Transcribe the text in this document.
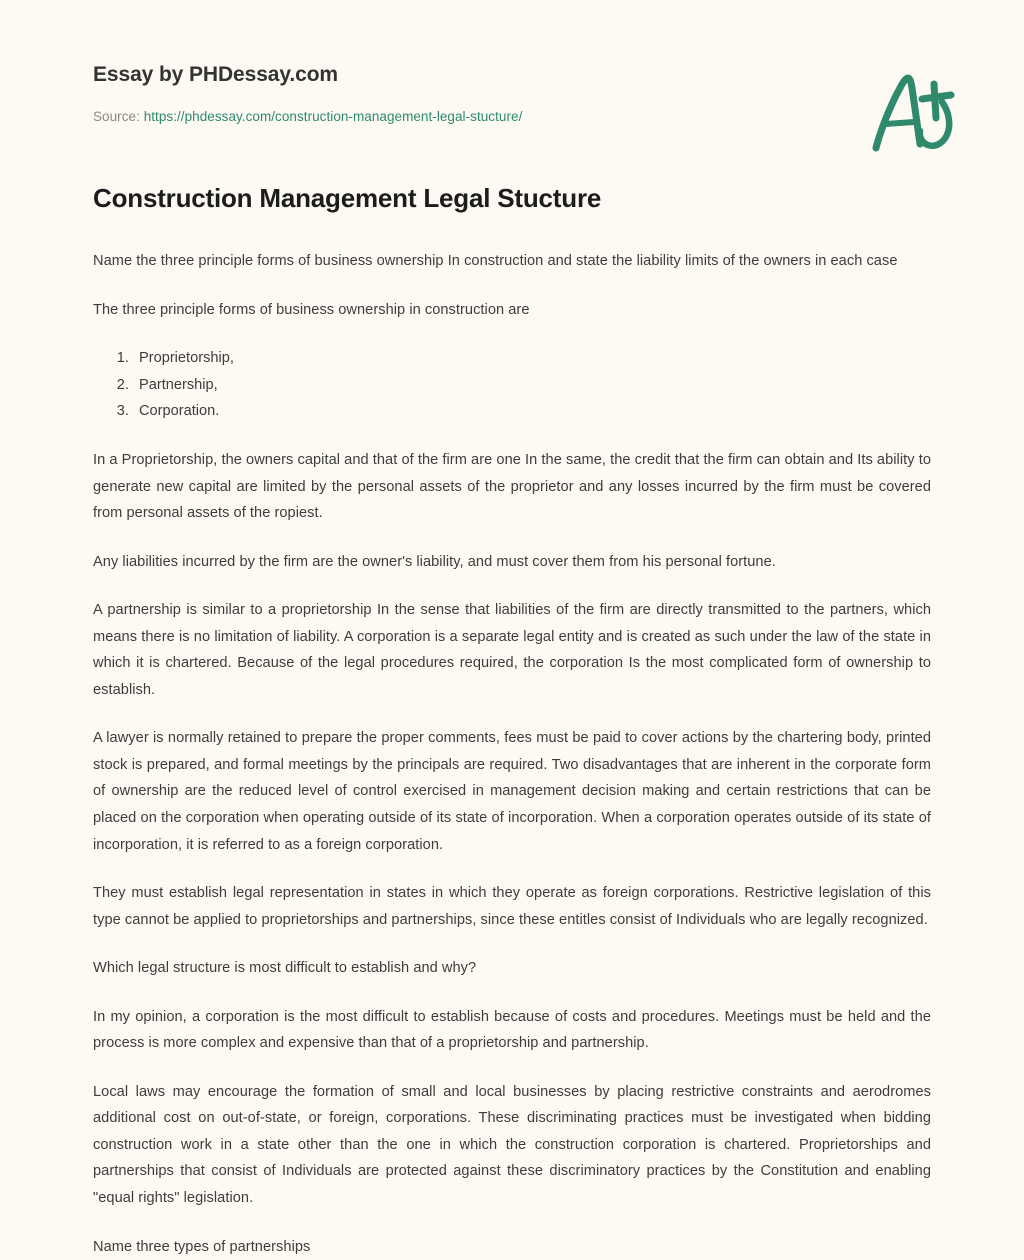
Essay by PHDessay.com
Source: https://phdessay.com/construction-management-legal-stucture/
Construction Management Legal Stucture

Name the three principle forms of business ownership In construction and state the liability limits of the owners in each case

The three principle forms of business ownership in construction are

1. Proprietorship,
2. Partnership,
3. Corporation.

In a Proprietorship, the owners capital and that of the firm are one In the same, the credit that the firm can obtain and Its ability to generate new capital are limited by the personal assets of the proprietor and any losses incurred by the firm must be covered from personal assets of the ropiest.

Any liabilities incurred by the firm are the owner's liability, and must cover them from his personal fortune.

A partnership is similar to a proprietorship In the sense that liabilities of the firm are directly transmitted to the partners, which means there is no limitation of liability. A corporation is a separate legal entity and is created as such under the law of the state in which it is chartered. Because of the legal procedures required, the corporation Is the most complicated form of ownership to establish.

A lawyer is normally retained to prepare the proper comments, fees must be paid to cover actions by the chartering body, printed stock is prepared, and formal meetings by the principals are required. Two disadvantages that are inherent in the corporate form of ownership are the reduced level of control exercised in management decision making and certain restrictions that can be placed on the corporation when operating outside of its state of incorporation. When a corporation operates outside of its state of incorporation, it is referred to as a foreign corporation.

They must establish legal representation in states in which they operate as foreign corporations. Restrictive legislation of this type cannot be applied to proprietorships and partnerships, since these entitles consist of Individuals who are legally recognized.

Which legal structure is most difficult to establish and why?

In my opinion, a corporation is the most difficult to establish because of costs and procedures. Meetings must be held and the process is more complex and expensive than that of a proprietorship and partnership.

Local laws may encourage the formation of small and local businesses by placing restrictive constraints and aerodromes additional cost on out-of-state, or foreign, corporations. These discriminating practices must be investigated when bidding construction work in a state other than the one in which the construction corporation is chartered. Proprietorships and partnerships that consist of Individuals are protected against these discriminatory practices by the Constitution and enabling "equal rights" legislation.

Name three types of partnerships
